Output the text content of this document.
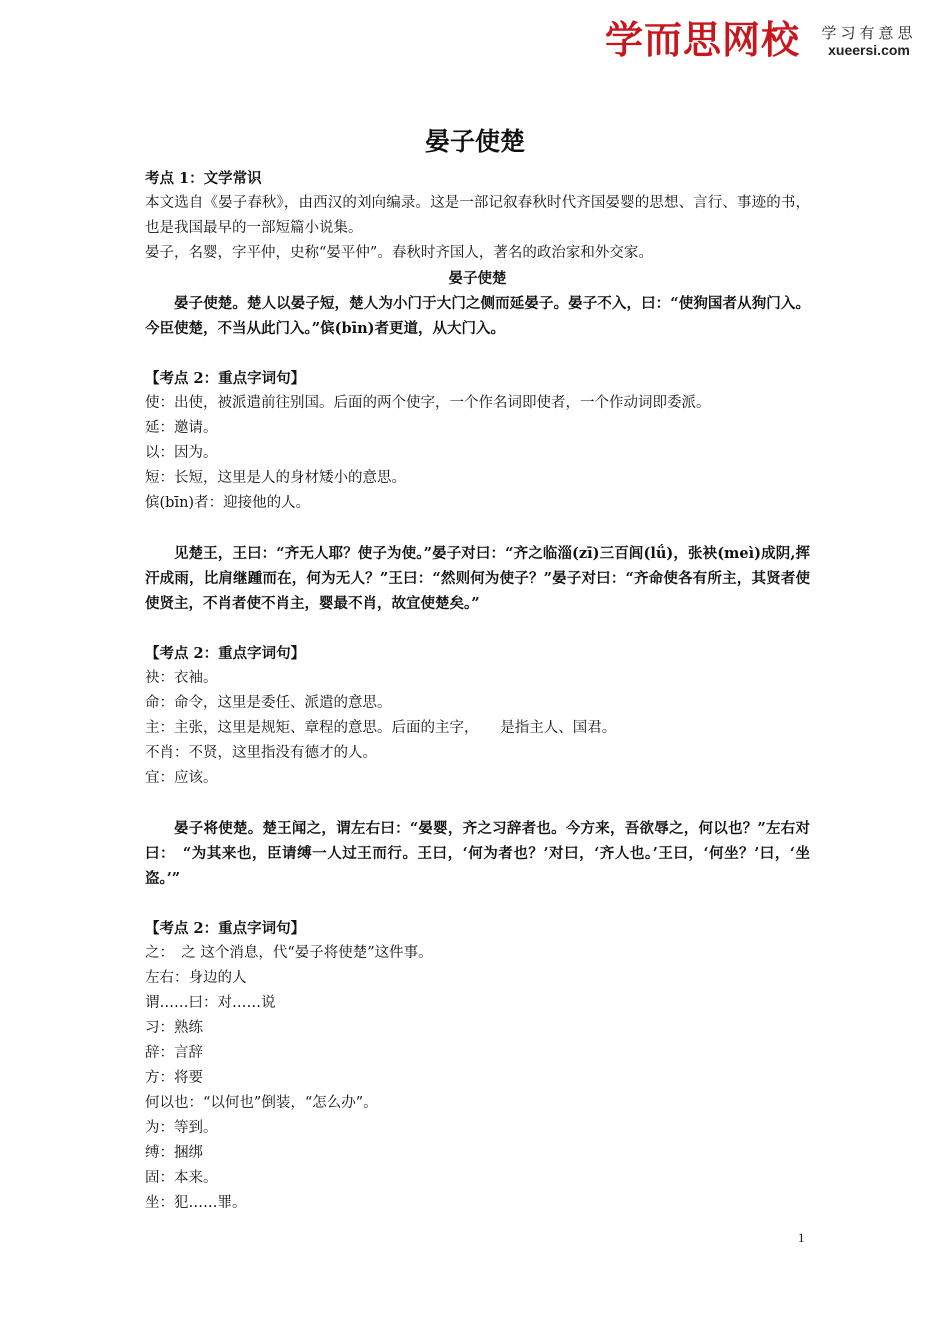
学而思网校	学习有意思
xueersi.com
晏子使楚

考点 1：文学常识

本文选自《晏子春秋》，由西汉的刘向编录。这是一部记叙春秋时代齐国晏婴的思想、言行、事迹的书，也是我国最早的一部短篇小说集。

晏子，名婴，字平仲，史称“晏平仲”。春秋时齐国人，著名的政治家和外交家。

晏子使楚

晏子使楚。楚人以晏子短，楚人为小门于大门之侧而延晏子。晏子不入，曰：“使狗国者从狗门入。今臣使楚，不当从此门入。”傧(bīn)者更道，从大门入。

【考点 2：重点字词句】

使：出使，被派遣前往别国。后面的两个使字，一个作名词即使者，一个作动词即委派。

延：邀请。

以：因为。

短：长短，这里是人的身材矮小的意思。

傧(bīn)者：迎接他的人。

见楚王，王曰：“齐无人耶？使子为使。”晏子对曰：“齐之临淄(zī)三百闾(lǘ)，张袂(meì)成阴,挥汗成雨，比肩继踵而在，何为无人？”王曰：“然则何为使子？”晏子对曰：“齐命使各有所主，其贤者使使贤主，不肖者使不肖主，婴最不肖，故宜使楚矣。”

【考点 2：重点字词句】

袂：衣袖。

命：命令，这里是委任、派遣的意思。

主：主张，这里是规矩、章程的意思。后面的主字，　　是指主人、国君。

不肖：不贤，这里指没有德才的人。

宜：应该。

晏子将使楚。楚王闻之，谓左右曰：“晏婴，齐之习辞者也。今方来，吾欲辱之，何以也？”左右对曰：　“为其来也，臣请缚一人过王而行。王曰，‘何为者也？’对曰，‘齐人也。’王曰，‘何坐？’曰，‘坐盗。’”

【考点 2：重点字词句】

之：　之 这个消息，代“晏子将使楚”这件事。

左右：身边的人

谓……曰：对……说

习：熟练

辞：言辞

方：将要

何以也：“以何也”倒装，“怎么办”。

为：等到。

缚：捆绑

固：本来。

坐：犯……罪。

1
